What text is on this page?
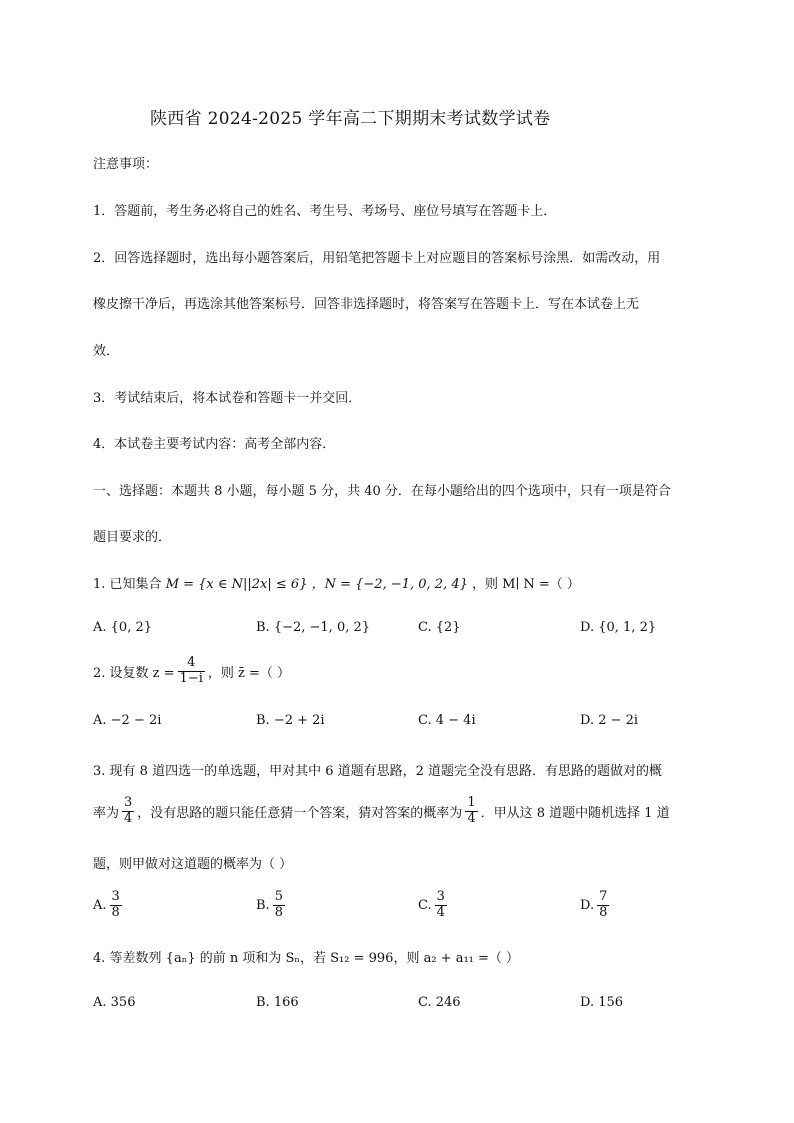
陕西省 2024-2025 学年高二下期期末考试数学试卷
注意事项：
1．答题前，考生务必将自己的姓名、考生号、考场号、座位号填写在答题卡上．
2．回答选择题时，选出每小题答案后，用铅笔把答题卡上对应题目的答案标号涂黑．如需改动，用
橡皮擦干净后，再选涂其他答案标号．回答非选择题时，将答案写在答题卡上．写在本试卷上无
效．
3．考试结束后，将本试卷和答题卡一并交回．
4．本试卷主要考试内容：高考全部内容．
一、选择题：本题共 8 小题，每小题 5 分，共 40 分．在每小题给出的四个选项中，只有一项是符合
题目要求的．
1. 已知集合 M = {x ∈ N||2x| ≤ 6} ，N = {−2, −1, 0, 2, 4} ，则 M∣ N =（ ）
A. {0, 2}	B. {−2, −1, 0, 2}	C. {2}	D. {0, 1, 2}
2. 设复数 $z = \frac{4}{1-i}$ ，则 z̄ =（ ）
A. −2 − 2i	B. −2 + 2i	C. 4 − 4i	D. 2 − 2i
3. 现有 8 道四选一的单选题，甲对其中 6 道题有思路，2 道题完全没有思路．有思路的题做对的概
率为 $\frac{3}{4}$ ，没有思路的题只能任意猜一个答案，猜对答案的概率为 $\frac{1}{4}$ ．甲从这 8 道题中随机选择 1 道
题，则甲做对这道题的概率为（ ）
A. $\frac{3}{8}$	B. $\frac{5}{8}$	C. $\frac{3}{4}$	D. $\frac{7}{8}$
4. 等差数列 {aₙ} 的前 n 项和为 Sₙ，若 S₁₂ = 996，则 a₂ + a₁₁ =（ ）
A. 356	B. 166	C. 246	D. 156
